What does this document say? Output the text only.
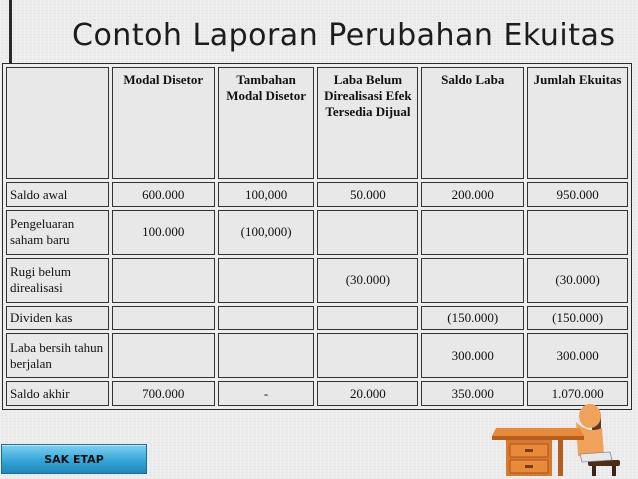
Contoh Laporan Perubahan Ekuitas
	Modal Disetor	Tambahan Modal Disetor	Laba Belum Direalisasi Efek Tersedia Dijual	Saldo Laba	Jumlah Ekuitas
Saldo awal	600.000	100,000	50.000	200.000	950.000
Pengeluaran saham baru	100.000	(100,000)			
Rugi belum direalisasi			(30.000)		(30.000)
Dividen kas				(150.000)	(150.000)
Laba bersih tahun berjalan				300.000	300.000
Saldo akhir	700.000	-	20.000	350.000	1.070.000
SAK ETAP
